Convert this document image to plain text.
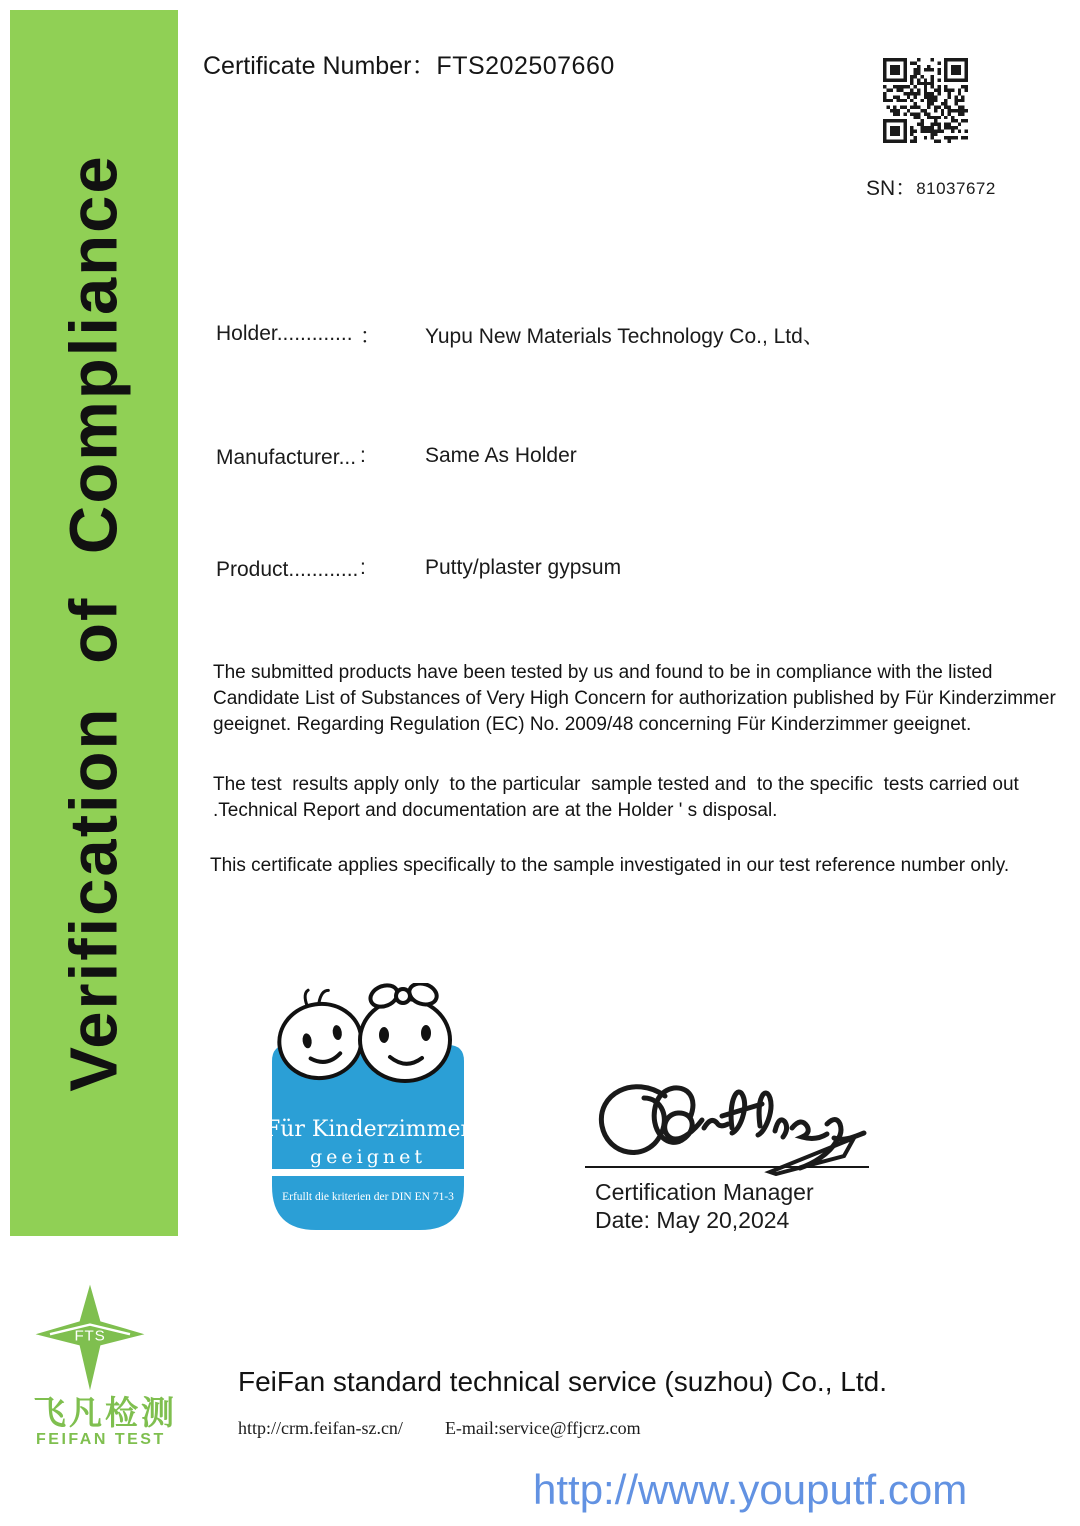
Verification of Compliance
Certificate Number：FTS202507660
SN：81037672
Holder............. ： Yupu New Materials Technology Co., Ltd、
Manufacturer... :	Same As Holder
Product............ :	Putty/plaster gypsum
The submitted products have been tested by us and found to be in compliance with the listed Candidate List of Substances of Very High Concern for authorization published by Für Kinderzimmer geeignet. Regarding Regulation (EC) No. 2009/48 concerning Für Kinderzimmer geeignet.
The test  results apply only  to the particular  sample tested and  to the specific  tests carried out .Technical Report and documentation are at the Holder ' s disposal.
This certificate applies specifically to the sample investigated in our test reference number only.
Für Kinderzimmer
geeignet
Erfullt die kriterien der DIN EN 71-3	Certification Manager
Date: May 20,2024
FTS
飞凡检测
FEIFAN TEST
FeiFan standard technical service (suzhou) Co., Ltd.
http://crm.feifan-sz.cn/ E-mail:service@ffjcrz.com
http://www.youputf.com
